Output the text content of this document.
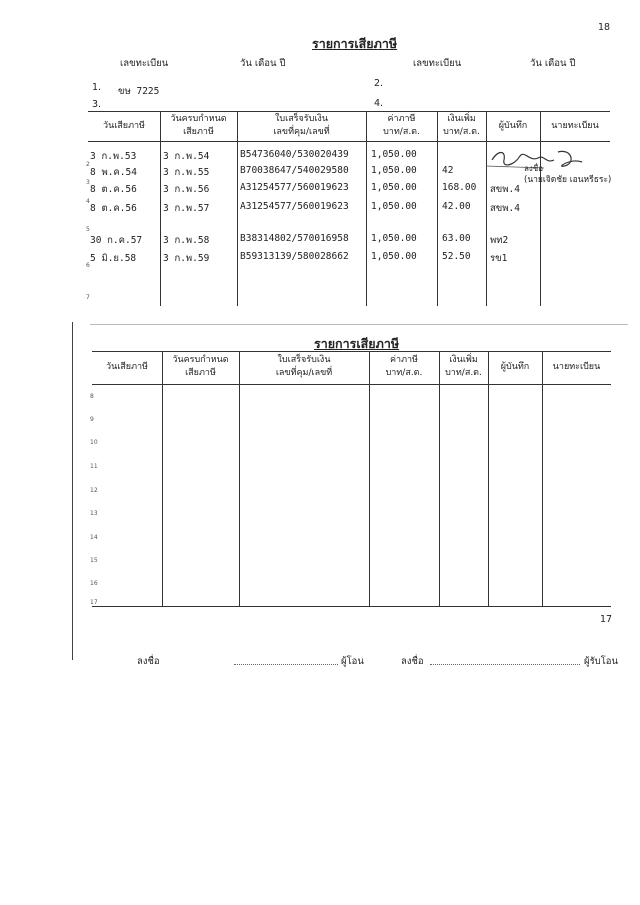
18
รายการเสียภาษี
เลขทะเบียน	วัน เดือน ปี	เลขทะเบียน	วัน เดือน ปี
1. ขษ 7225
2.
3.	4.
วันเสียภาษี
วันครบกำหนด
เสียภาษี
ใบเสร็จรับเงิน
เลขที่คุม/เลขที่
ค่าภาษี
บาท/ส.ต.
เงินเพิ่ม
บาท/ส.ต.
ผู้บันทึก	นายทะเบียน
3 ก.พ.53	3 ก.พ.54	B54736040/530020439 1,050.00
8 พ.ค.54	3 ก.พ.55	B70038647/540029580 1,050.00	42
8 ต.ค.56	3 ก.พ.56	A31254577/560019623 1,050.00	168.00 สขพ.4
8 ต.ค.56	3 ก.พ.57	A31254577/560019623 1,050.00	42.00 สขพ.4
30 ก.ค.57 3 ก.พ.58	B38314802/570016958 1,050.00	63.00 พท2
5 มิ.ย.58	3 ก.พ.59	B59313139/580028662 1,050.00	52.50 รข1
2
3
4
5
6
7
ลงชื่อ
(นายเจิดชัย เอนหรีธระ)
รายการเสียภาษี
วันเสียภาษี
วันครบกำหนด
เสียภาษี
ใบเสร็จรับเงิน
เลขที่คุม/เลขที่
ค่าภาษี
บาท/ส.ต.
เงินเพิ่ม
บาท/ส.ต.
ผู้บันทึก	นายทะเบียน
8
9
10
11
12
13
14
15
16
17
17
ลงชื่อ	ผู้โอน	ลงชื่อ	ผู้รับโอน
